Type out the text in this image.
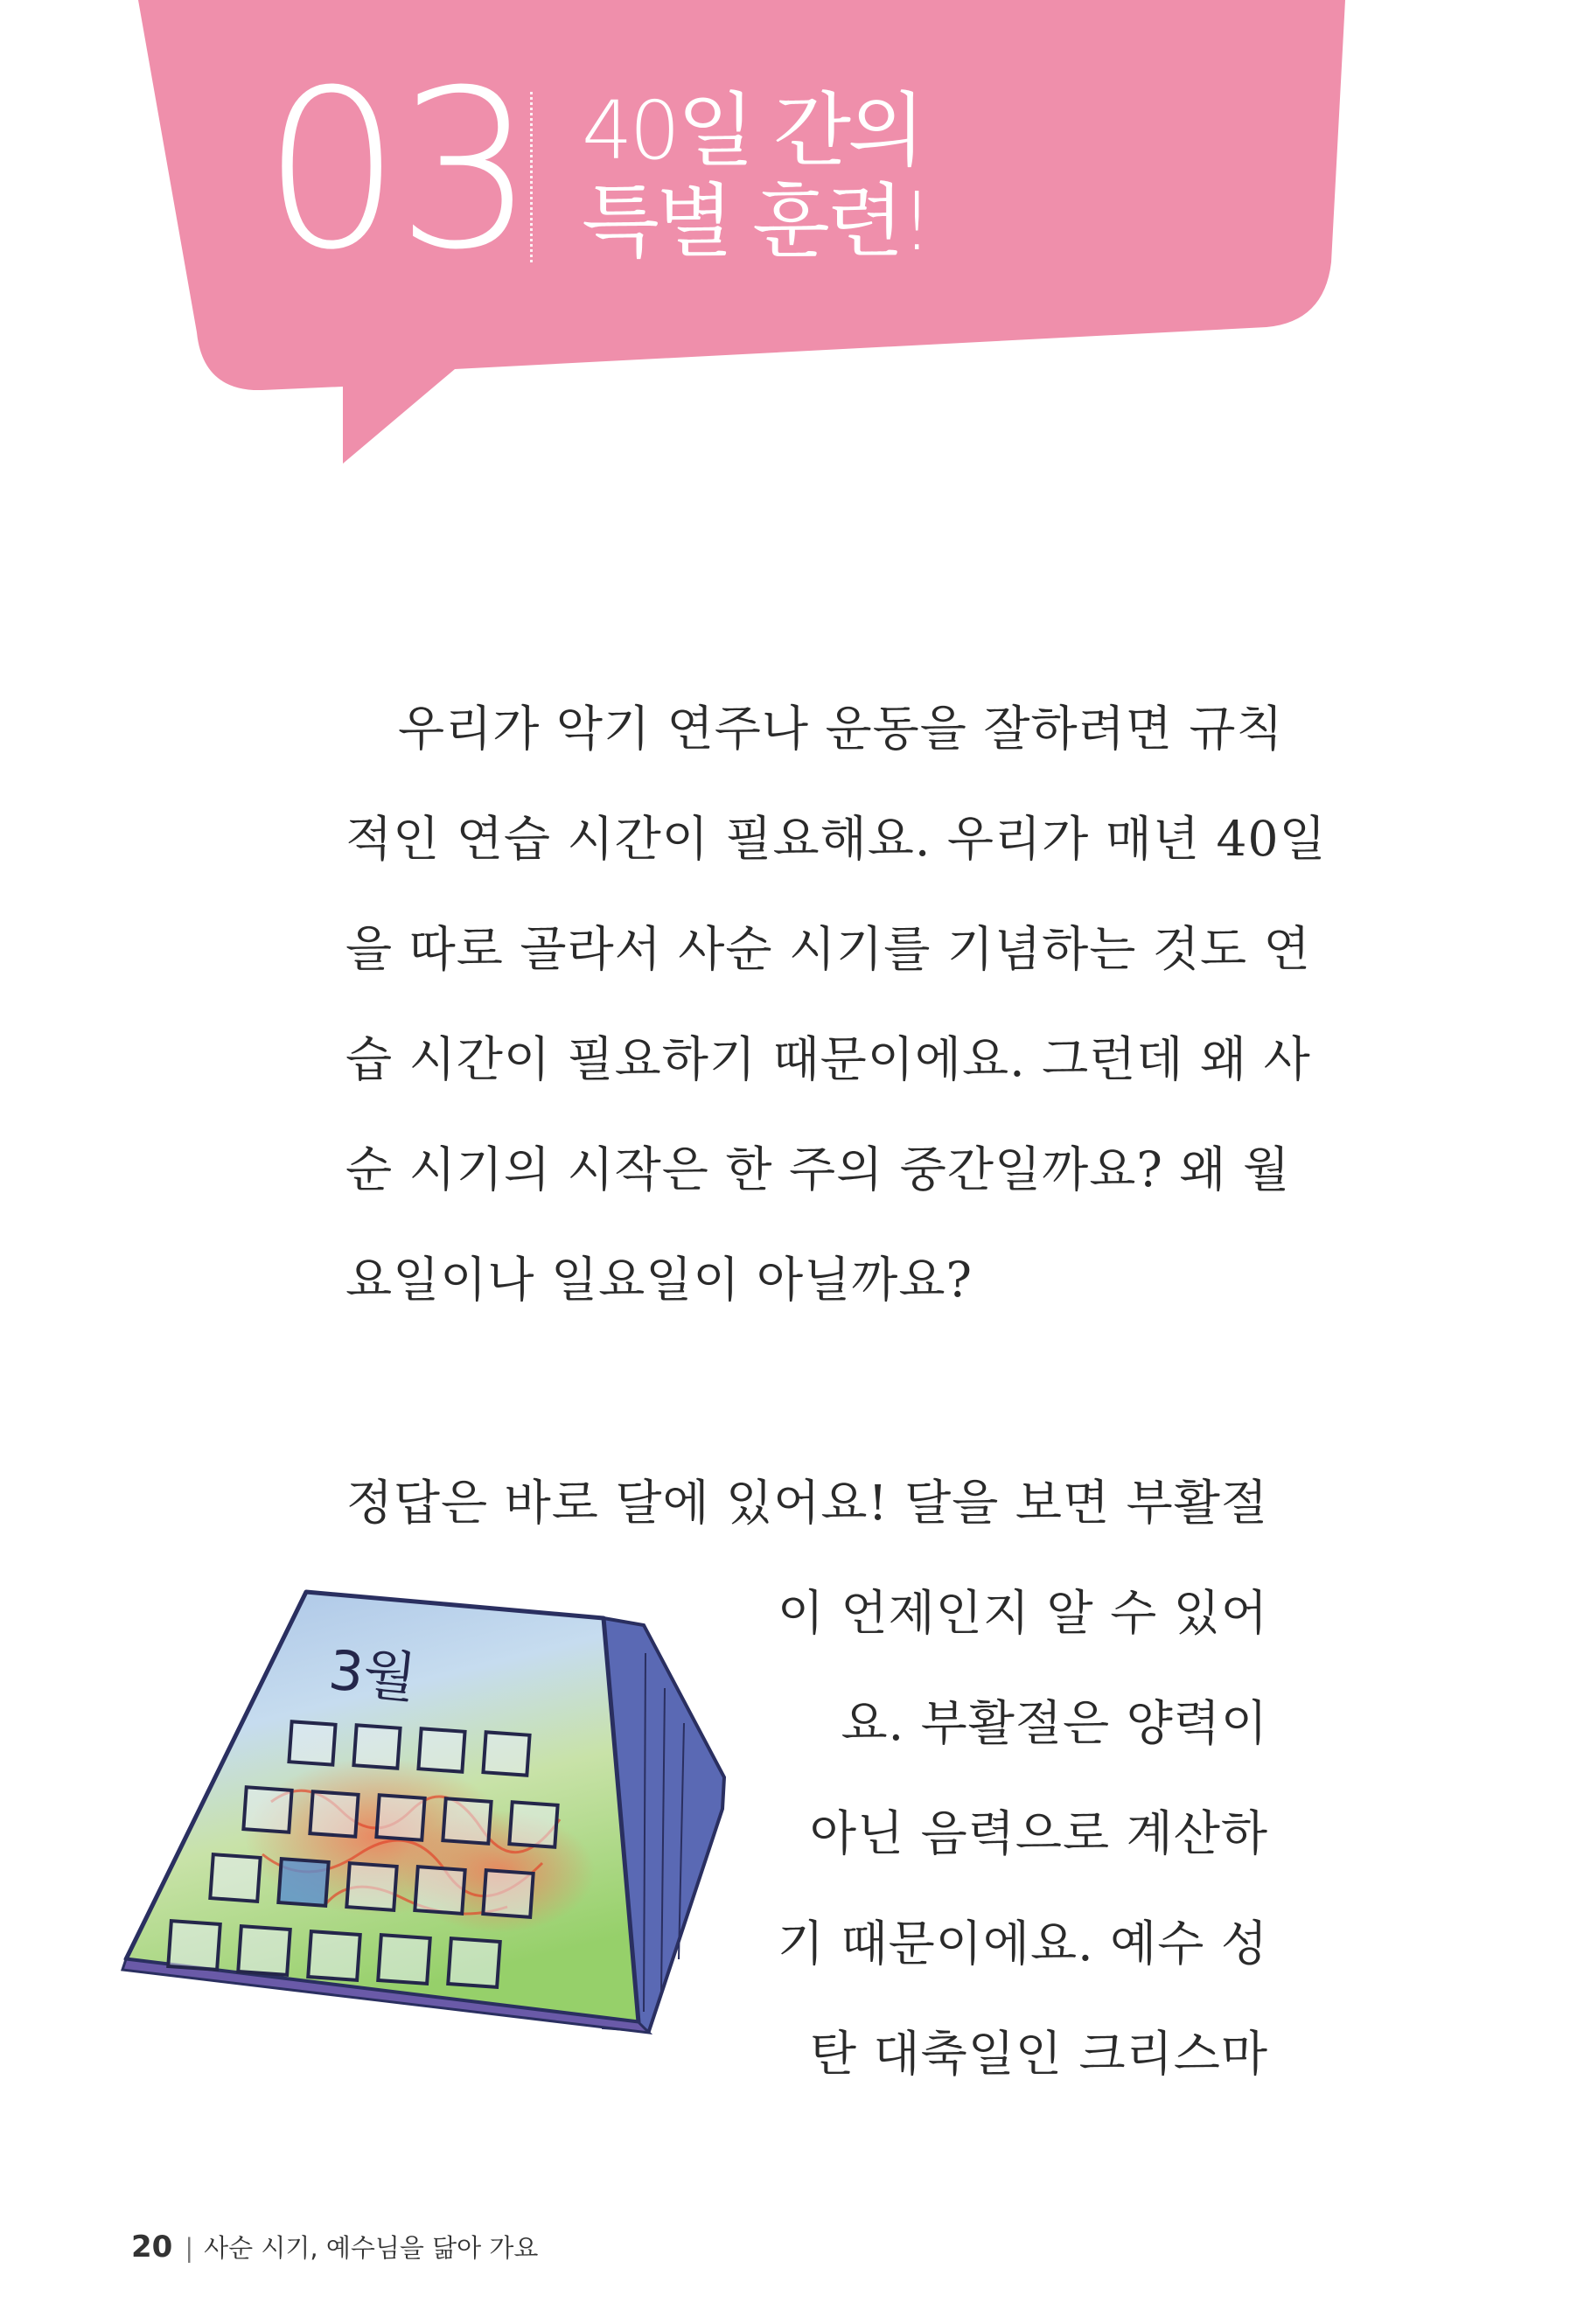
03 40일 간의
특별 훈련!
우리가 악기 연주나 운동을 잘하려면 규칙
적인 연습 시간이 필요해요. 우리가 매년 40일
을 따로 골라서 사순 시기를 기념하는 것도 연
습 시간이 필요하기 때문이에요. 그런데 왜 사
순 시기의 시작은 한 주의 중간일까요? 왜 월
요일이나 일요일이 아닐까요?
정답은 바로 달에 있어요! 달을 보면 부활절
이 언제인지 알 수 있어
요. 부활절은 양력이
아닌 음력으로 계산하
기 때문이에요. 예수 성
탄 대축일인 크리스마
3월
20 | 사순 시기, 예수님을 닮아 가요
